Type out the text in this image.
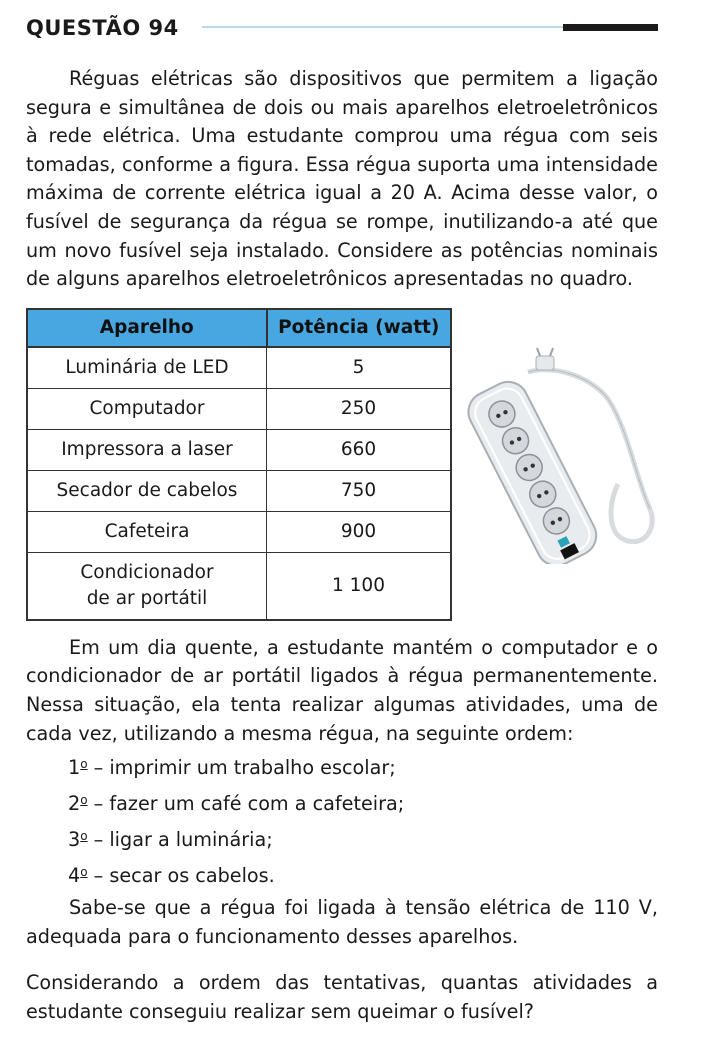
QUESTÃO 94

Réguas elétricas são dispositivos que permitem a ligação segura e simultânea de dois ou mais aparelhos eletroeletrônicos à rede elétrica. Uma estudante comprou uma régua com seis tomadas, conforme a figura. Essa régua suporta uma intensidade máxima de corrente elétrica igual a 20 A. Acima desse valor, o fusível de segurança da régua se rompe, inutilizando-a até que um novo fusível seja instalado. Considere as potências nominais de alguns aparelhos eletroeletrônicos apresentadas no quadro.

Aparelho	Potência (watt)
Luminária de LED	5
Computador	250
Impressora a laser	660
Secador de cabelos	750
Cafeteira	900
Condicionador
de ar portátil	1 100

Em um dia quente, a estudante mantém o computador e o condicionador de ar portátil ligados à régua permanentemente. Nessa situação, ela tenta realizar algumas atividades, uma de cada vez, utilizando a mesma régua, na seguinte ordem:

1$^o$ – imprimir um trabalho escolar;

2$^o$ – fazer um café com a cafeteira;

3$^o$ – ligar a luminária;

4$^o$ – secar os cabelos.

Sabe-se que a régua foi ligada à tensão elétrica de 110 V, adequada para o funcionamento desses aparelhos.

Considerando a ordem das tentativas, quantas atividades a estudante conseguiu realizar sem queimar o fusível?
